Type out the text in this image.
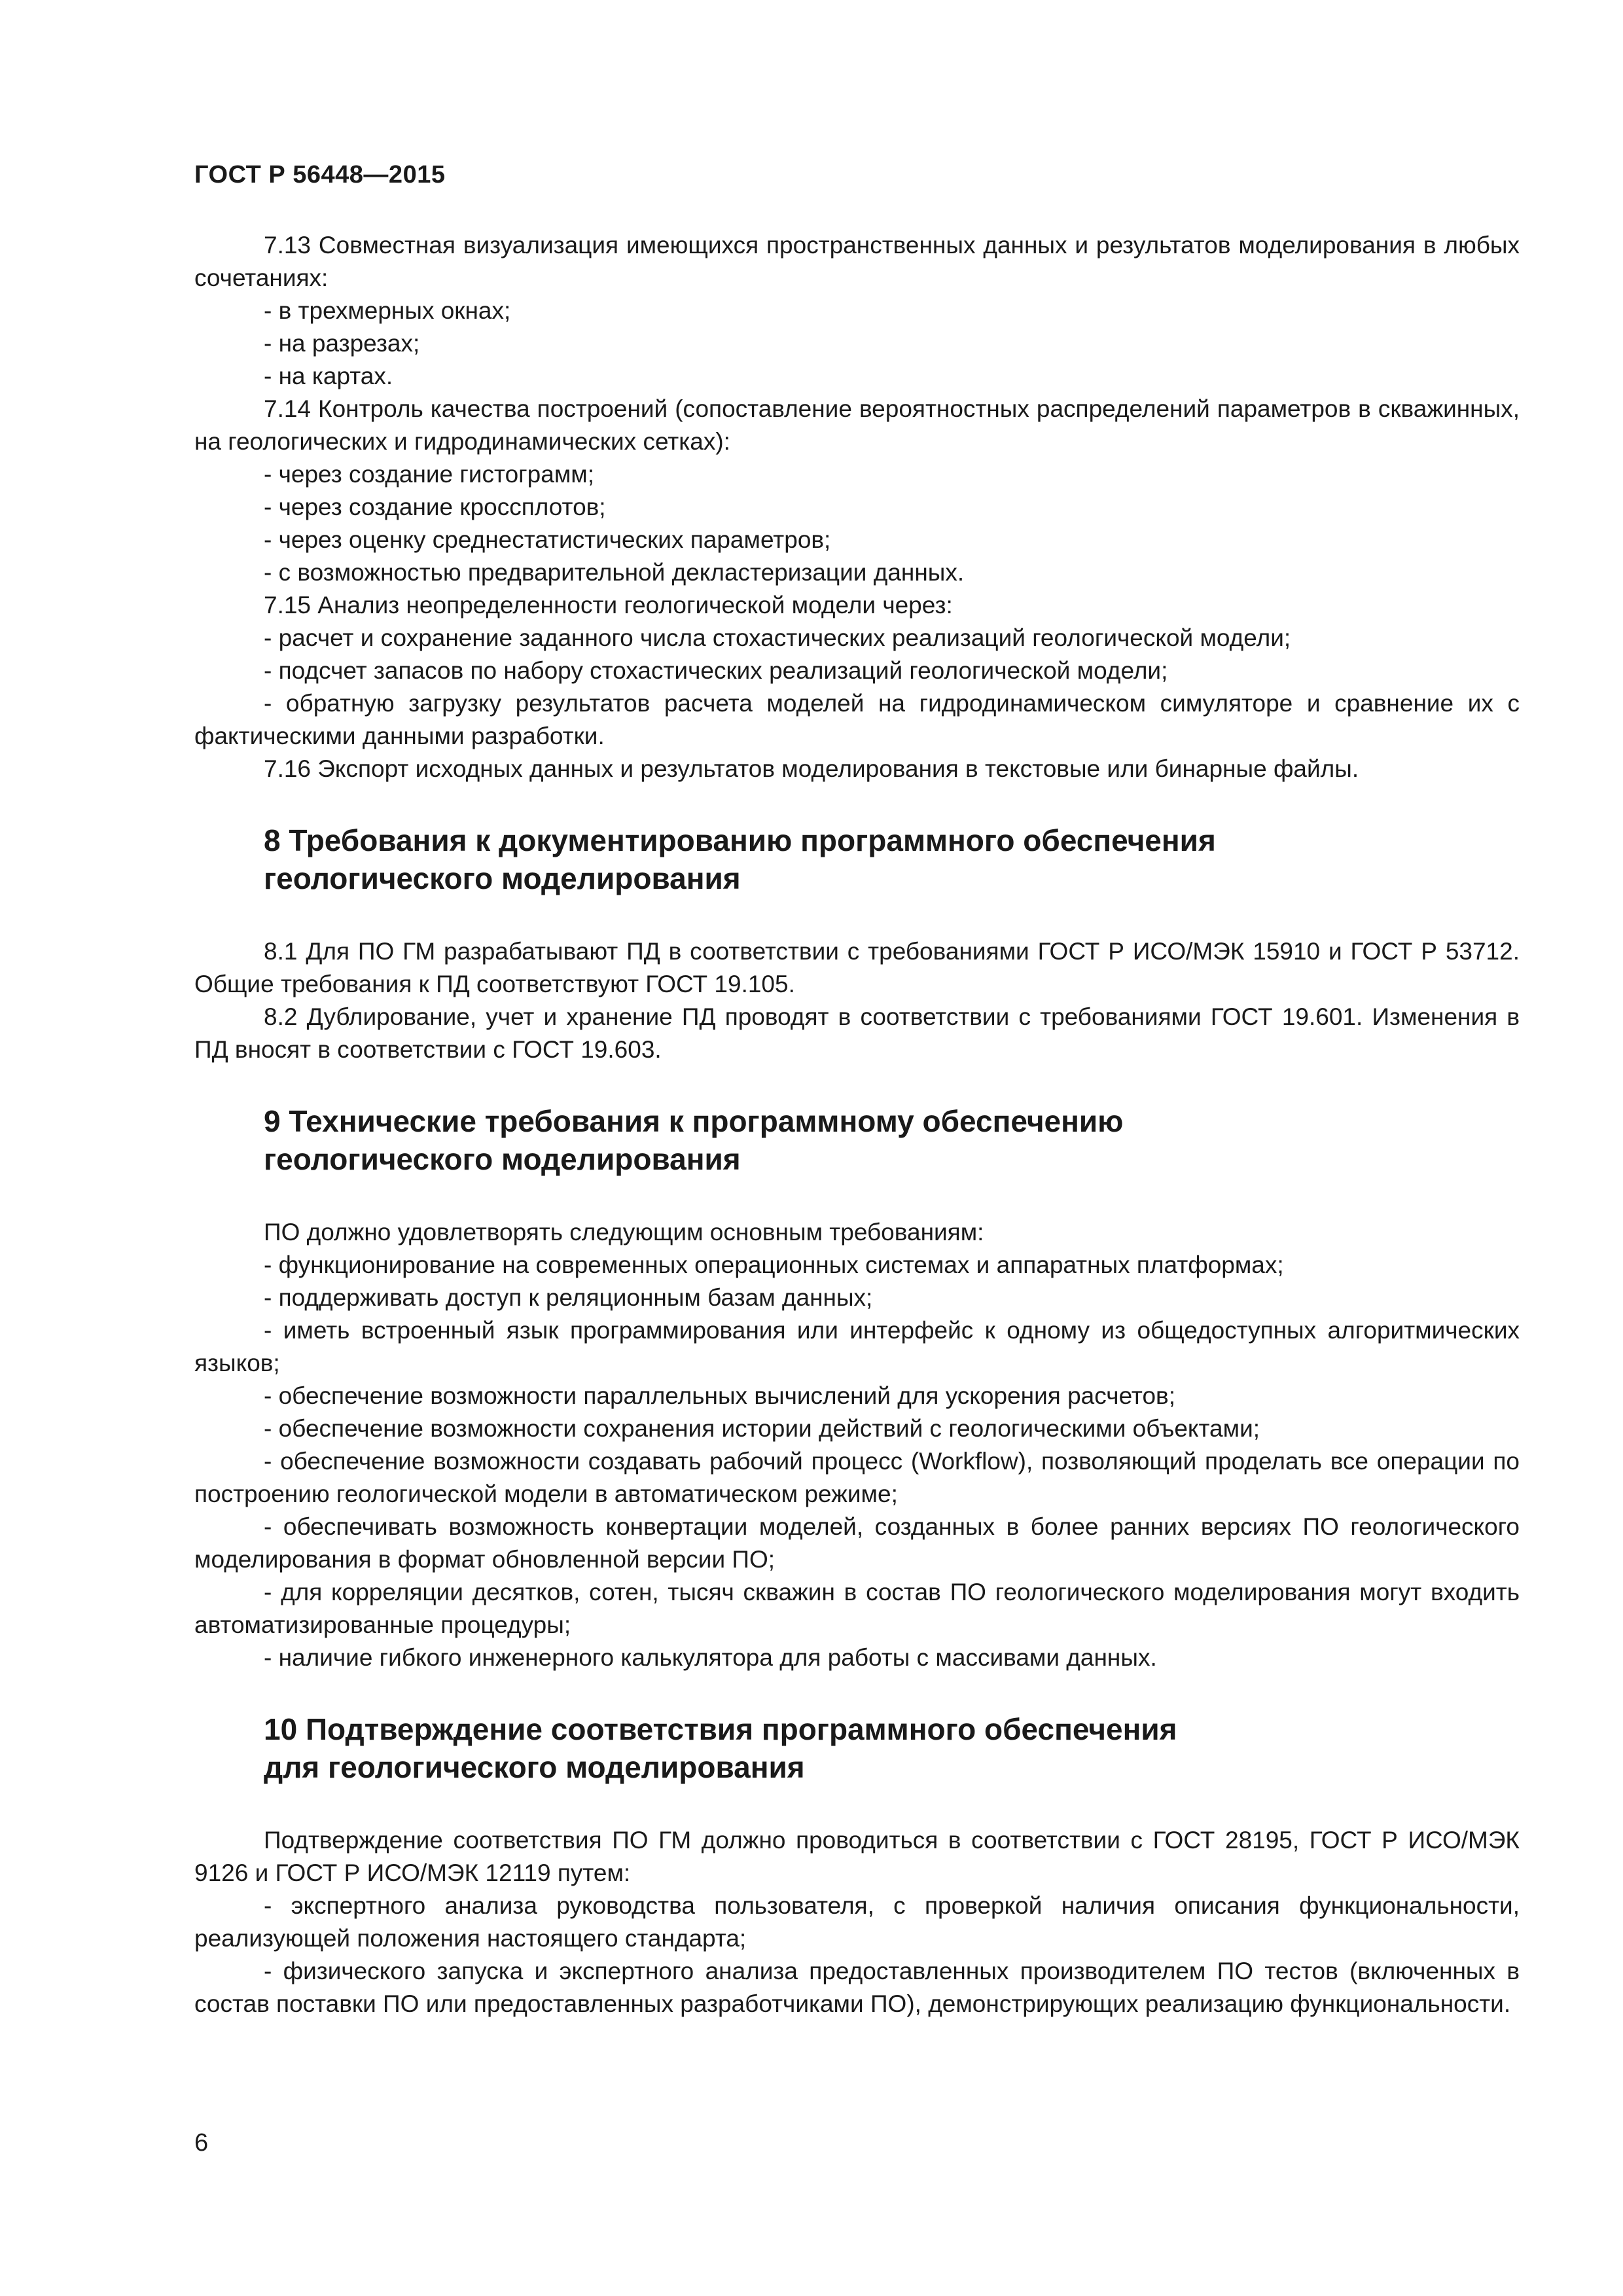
ГОСТ Р 56448—2015

7.13 Совместная визуализация имеющихся пространственных данных и результатов моделирования в любых сочетаниях:

- в трехмерных окнах;

- на разрезах;

- на картах.

7.14 Контроль качества построений (сопоставление вероятностных распределений параметров в скважинных, на геологических и гидродинамических сетках):

- через создание гистограмм;

- через создание кроссплотов;

- через оценку среднестатистических параметров;

- с возможностью предварительной декластеризации данных.

7.15 Анализ неопределенности геологической модели через:

- расчет и сохранение заданного числа стохастических реализаций геологической модели;

- подсчет запасов по набору стохастических реализаций геологической модели;

- обратную загрузку результатов расчета моделей на гидродинамическом симуляторе и сравнение их с фактическими данными разработки.

7.16 Экспорт исходных данных и результатов моделирования в текстовые или бинарные файлы.

8 Требования к документированию программного обеспечения
геологического моделирования

8.1 Для ПО ГМ разрабатывают ПД в соответствии с требованиями ГОСТ Р ИСО/МЭК 15910 и ГОСТ Р 53712. Общие требования к ПД соответствуют ГОСТ 19.105.

8.2 Дублирование, учет и хранение ПД проводят в соответствии с требованиями ГОСТ 19.601. Изменения в ПД вносят в соответствии с ГОСТ 19.603.

9 Технические требования к программному обеспечению
геологического моделирования

ПО должно удовлетворять следующим основным требованиям:

- функционирование на современных операционных системах и аппаратных платформах;

- поддерживать доступ к реляционным базам данных;

- иметь встроенный язык программирования или интерфейс к одному из общедоступных алгоритмических языков;

- обеспечение возможности параллельных вычислений для ускорения расчетов;

- обеспечение возможности сохранения истории действий с геологическими объектами;

- обеспечение возможности создавать рабочий процесс (Workflow), позволяющий проделать все операции по построению геологической модели в автоматическом режиме;

- обеспечивать возможность конвертации моделей, созданных в более ранних версиях ПО геологического моделирования в формат обновленной версии ПО;

- для корреляции десятков, сотен, тысяч скважин в состав ПО геологического моделирования могут входить автоматизированные процедуры;

- наличие гибкого инженерного калькулятора для работы с массивами данных.

10 Подтверждение соответствия программного обеспечения
для геологического моделирования

Подтверждение соответствия ПО ГМ должно проводиться в соответствии с ГОСТ 28195, ГОСТ Р ИСО/МЭК 9126 и ГОСТ Р ИСО/МЭК 12119 путем:

- экспертного анализа руководства пользователя, с проверкой наличия описания функциональности, реализующей положения настоящего стандарта;

- физического запуска и экспертного анализа предоставленных производителем ПО тестов (включенных в состав поставки ПО или предоставленных разработчиками ПО), демонстрирующих реализацию функциональности.

6
